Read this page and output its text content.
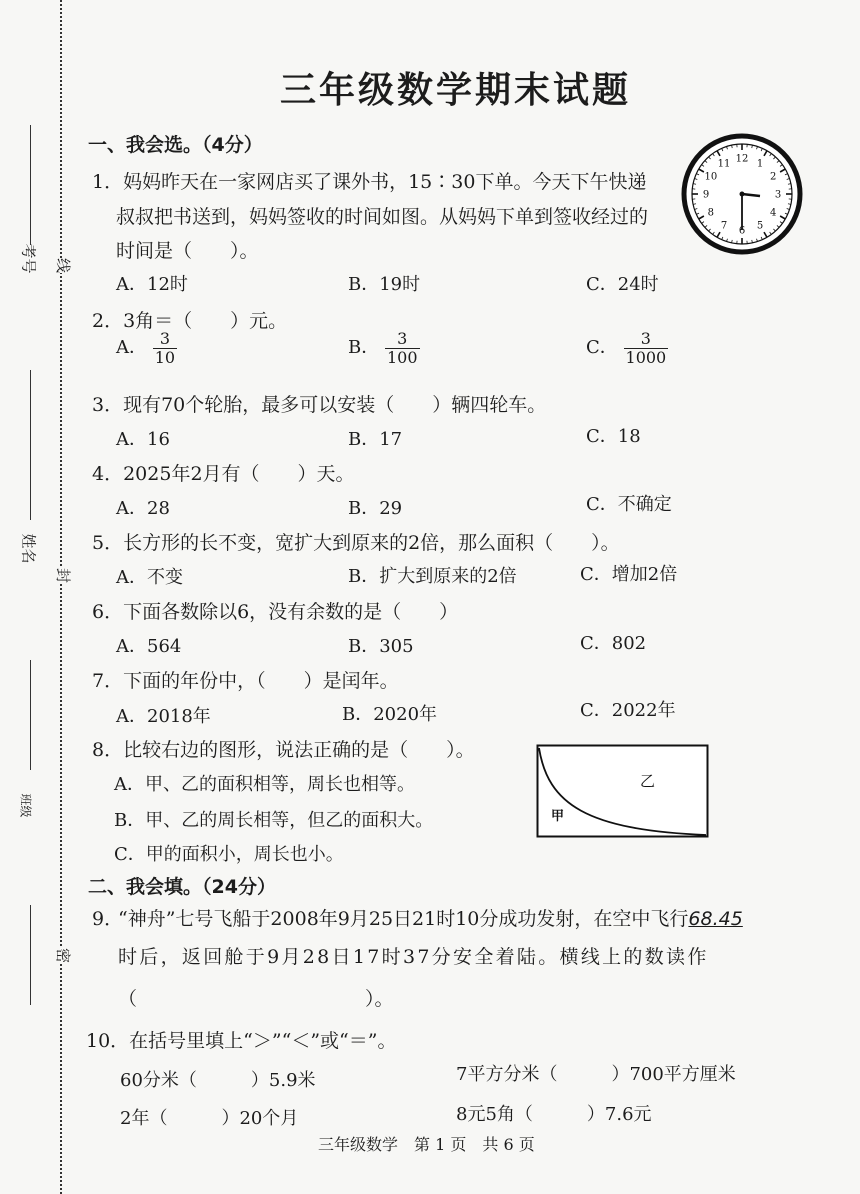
考号
姓名
班级
线
封
密
三年级数学期末试题
一、我会选。（4分）
1．妈妈昨天在一家网店买了课外书，15∶30下单。今天下午快递
叔叔把书送到，妈妈签收的时间如图。从妈妈下单到签收经过的
时间是（　　）。
A．12时	B．19时	C．24时
12 1
2
3
4
5
6
7
8
9
10
11
2．3角＝（　　）元。
A． $\frac{3}{10}$	B． $\frac{3}{100}$	C． $\frac{3}{1000}$
3．现有70个轮胎，最多可以安装（　　）辆四轮车。
A．16	B．17	C．18
4．2025年2月有（　　）天。
A．28	B．29	C．不确定
5．长方形的长不变，宽扩大到原来的2倍，那么面积（　　）。
A．不变	B．扩大到原来的2倍	C．增加2倍
6．下面各数除以6，没有余数的是（　　）
A．564	B．305	C．802
7．下面的年份中，（　　）是闰年。
A．2018年	B．2020年	C．2022年
8．比较右边的图形，说法正确的是（　　）。
A．甲、乙的面积相等，周长也相等。
B．甲、乙的周长相等，但乙的面积大。
C．甲的面积小，周长也小。
乙
甲
二、我会填。（24分）
9．
“神舟”七号飞船于2008年9月25日21时10分成功发射，在空中飞行68.45
时后，返回舱于9月28日17时37分安全着陆。横线上的数读作
（　　　　　　　　　　　　）。
10．在括号里填上“＞”“＜”或“＝”。
60分米（　　　）5.9米	7平方分米（　　　）700平方厘米
2年（　　　）20个月	8元5角（　　　）7.6元
三年级数学　第 1 页　共 6 页
